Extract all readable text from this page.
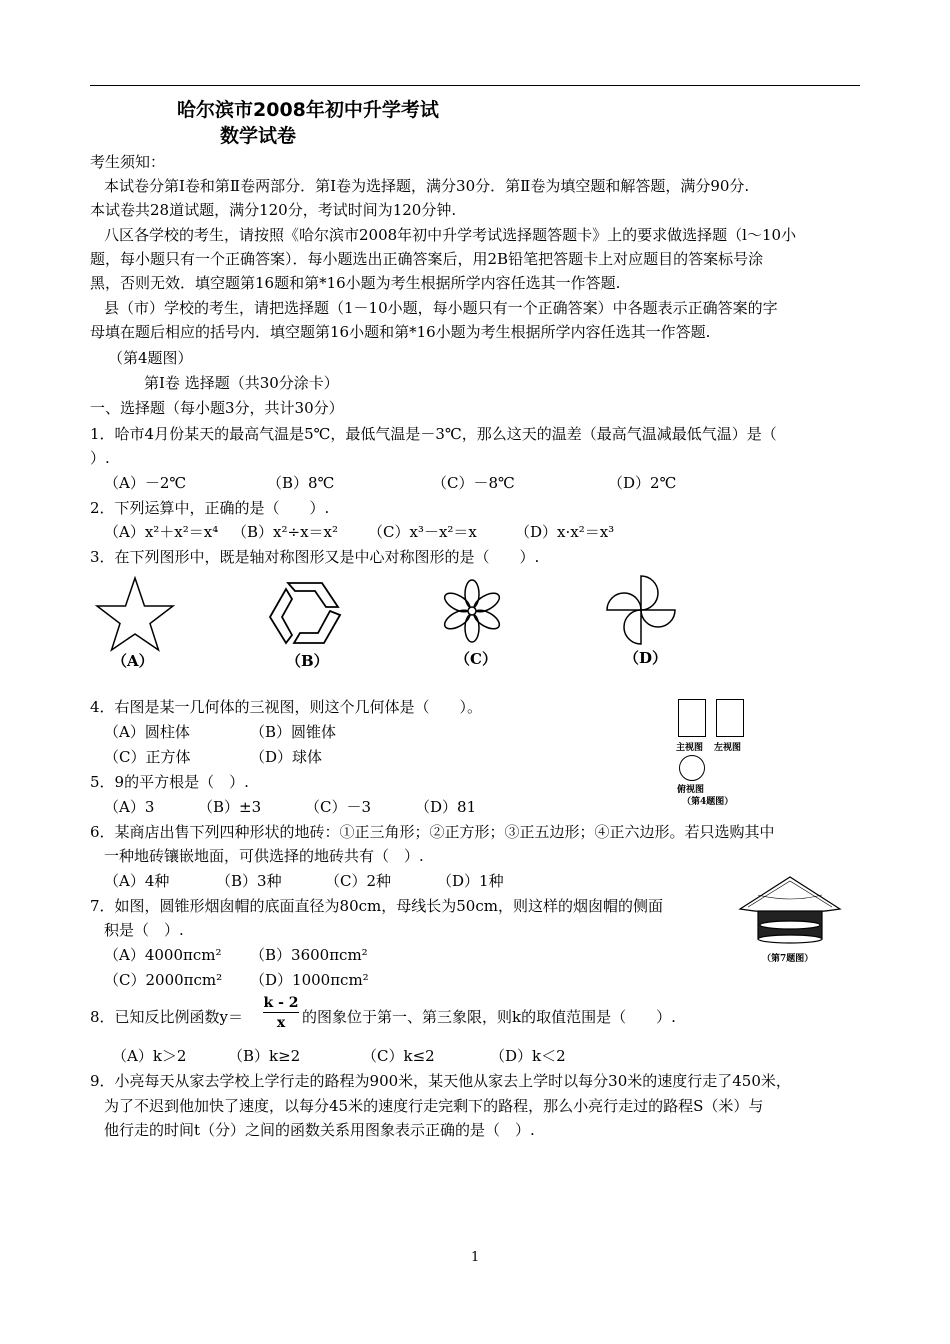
哈尔滨市2008年初中升学考试
数学试卷
考生须知：
本试卷分第Ⅰ卷和第Ⅱ卷两部分．第Ⅰ卷为选择题，满分30分．第Ⅱ卷为填空题和解答题，满分90分.
本试卷共28道试题，满分120分，考试时间为120分钟.
八区各学校的考生，请按照《哈尔滨市2008年初中升学考试选择题答题卡》上的要求做选择题（l～10小
题，每小题只有一个正确答案）．每小题选出正确答案后，用2B铅笔把答题卡上对应题目的答案标号涂
黑，否则无效．填空题第16题和第*16小题为考生根据所学内容任选其一作答题.
县（市）学校的考生，请把选择题（1－10小题，每小题只有一个正确答案）中各题表示正确答案的字
母填在题后相应的括号内．填空题第16小题和第*16小题为考生根据所学内容任选其一作答题.
（第4题图）
第Ⅰ卷 选择题（共30分涂卡）
一、选择题（每小题3分，共计30分）
1．哈市4月份某天的最高气温是5℃，最低气温是－3℃，那么这天的温差（最高气温减最低气温）是（
）.
（A）－2℃	（B）8℃	（C）－8℃	（D）2℃
2．下列运算中，正确的是（　　）.
（A）x²＋x²＝x⁴ （B）x²÷x＝x² （C）x³－x²＝x	（D）x·x²＝x³
3．在下列图形中，既是轴对称图形又是中心对称图形的是（　　）.
（A）	（B）	（C）	（D）
4．右图是某一几何体的三视图，则这个几何体是（　　）。
（A）圆柱体	（B）圆锥体
（C）正方体	（D）球体	主视图 左视图
俯视图
（第4题图）
5．9的平方根是（　）.
（A）3	（B）±3	（C）－3	（D）81
6．某商店出售下列四种形状的地砖：①正三角形；②正方形；③正五边形；④正六边形。若只选购其中
一种地砖镶嵌地面，可供选择的地砖共有（　）.
（A）4种	（B）3种	（C）2种	（D）1种
7．如图，圆锥形烟囱帽的底面直径为80cm，母线长为50cm，则这样的烟囱帽的侧面
积是（　）.
（A）4000πcm² （B）3600πcm²
（C）2000πcm² （D）1000πcm²
（第7题图）
8．已知反比例函数$y= \frac{k - 2}{x}$ 的图象位于第一、第三象限，则k的取值范围是（　　）.
（A）k＞2	（B）k≥2	（C）k≤2	（D）k＜2
9．小亮每天从家去学校上学行走的路程为900米，某天他从家去上学时以每分30米的速度行走了450米，
为了不迟到他加快了速度，以每分45米的速度行走完剩下的路程，那么小亮行走过的路程S（米）与
他行走的时间t（分）之间的函数关系用图象表示正确的是（　）.
1
